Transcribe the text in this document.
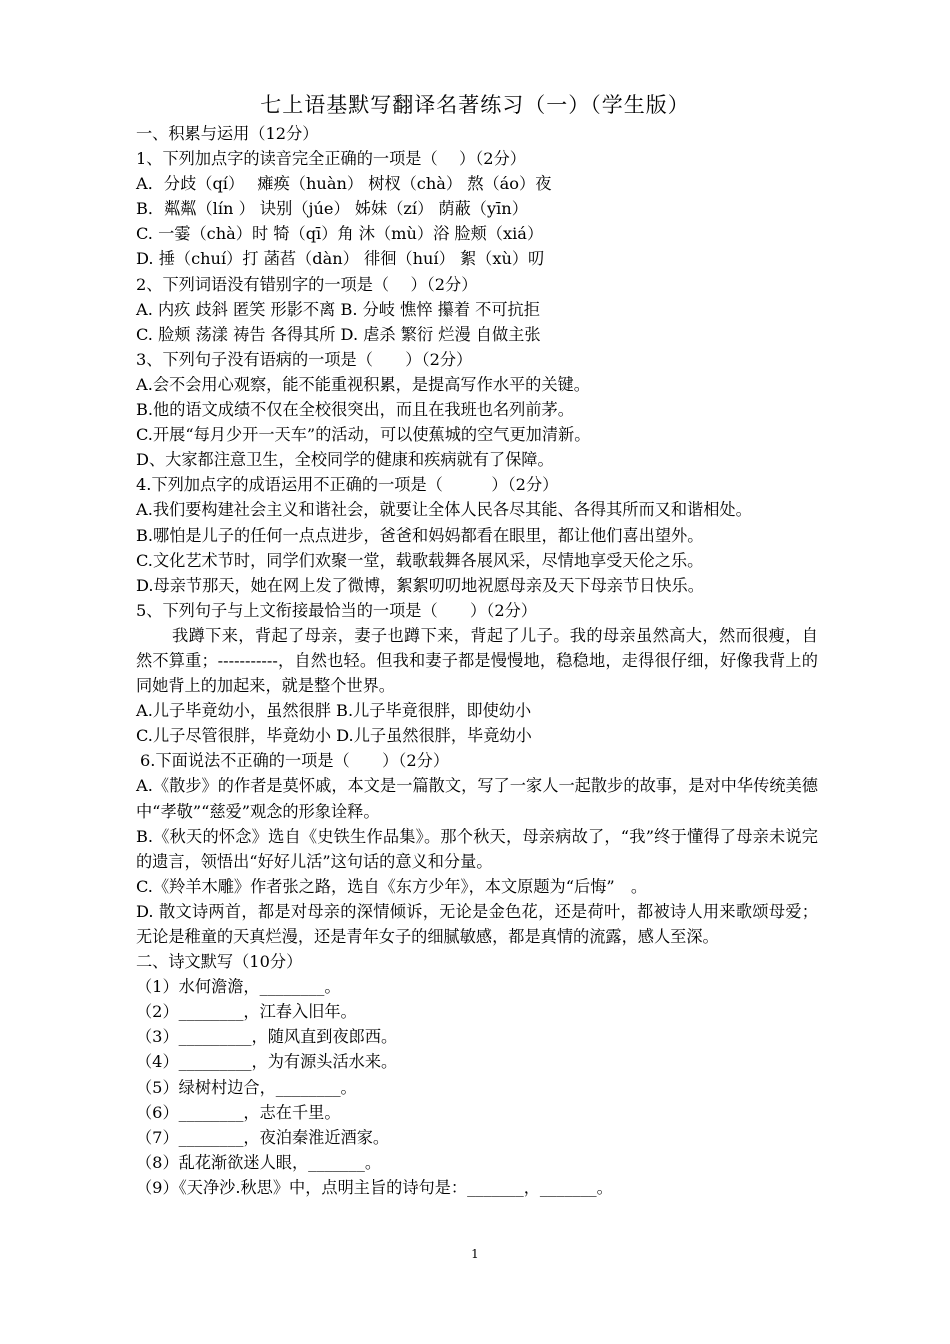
七上语基默写翻译名著练习（一）（学生版）
一、积累与运用（12分）
1、下列加点字的读音完全正确的一项是（　 ）（2分）
A．分歧（qí）　 瘫痪（huàn） 树杈（chà） 熬（áo）夜
B．粼粼（lín ） 诀别（júe） 姊妹（zí） 荫蔽（yīn）
C. 一霎（chà）时 犄（qī）角 沐（mù）浴 脸颊（xiá）
D. 捶（chuí）打 菡萏（dàn） 徘徊（huí） 絮（xù）叨
2、下列词语没有错别字的一项是（　 ）（2分）
A. 内疚 歧斜 匿笑 形影不离 B. 分岐 憔悴 攥着 不可抗拒
C. 脸颊 荡漾 祷告 各得其所 D. 虐杀 繁衍 烂漫 自做主张
3、下列句子没有语病的一项是（　　）（2分）
A.会不会用心观察，能不能重视积累，是提高写作水平的关键。
B.他的语文成绩不仅在全校很突出，而且在我班也名列前茅。
C.开展“每月少开一天车”的活动，可以使蕉城的空气更加清新。
D、大家都注意卫生，全校同学的健康和疾病就有了保障。
4.下列加点字的成语运用不正确的一项是（　　　）（2分）
A.我们要构建社会主义和谐社会，就要让全体人民各尽其能、各得其所而又和谐相处。
B.哪怕是儿子的任何一点点进步，爸爸和妈妈都看在眼里，都让他们喜出望外。
C.文化艺术节时，同学们欢聚一堂，载歌载舞各展风采，尽情地享受天伦之乐。
D.母亲节那天，她在网上发了微博，絮絮叨叨地祝愿母亲及天下母亲节日快乐。
5、下列句子与上文衔接最恰当的一项是（　　）（2分）
我蹲下来，背起了母亲，妻子也蹲下来，背起了儿子。我的母亲虽然高大，然而很瘦，自然不算重；-----------，自然也轻。但我和妻子都是慢慢地，稳稳地，走得很仔细，好像我背上的同她背上的加起来，就是整个世界。
A.儿子毕竟幼小，虽然很胖 B.儿子毕竟很胖，即使幼小
C.儿子尽管很胖，毕竟幼小 D.儿子虽然很胖，毕竟幼小
6.下面说法不正确的一项是（　　）（2分）
A.《散步》的作者是莫怀戚，本文是一篇散文，写了一家人一起散步的故事，是对中华传统美德中“孝敬”“慈爱”观念的形象诠释。
B.《秋天的怀念》选自《史铁生作品集》。那个秋天，母亲病故了，“我”终于懂得了母亲未说完的遗言，领悟出“好好儿活”这句话的意义和分量。
C.《羚羊木雕》作者张之路，选自《东方少年》，本文原题为“后悔”　。
D. 散文诗两首，都是对母亲的深情倾诉，无论是金色花，还是荷叶，都被诗人用来歌颂母爱；无论是稚童的天真烂漫，还是青年女子的细腻敏感，都是真情的流露，感人至深。
二、诗文默写（10分）
（1）水何澹澹，________。
（2）________，江春入旧年。
（3）_________，随风直到夜郎西。
（4）_________，为有源头活水来。
（5）绿树村边合，________。
（6）________，志在千里。
（7）________，夜泊秦淮近酒家。
（8）乱花渐欲迷人眼，_______。
（9）《天净沙.秋思》中，点明主旨的诗句是：_______，_______。
1
